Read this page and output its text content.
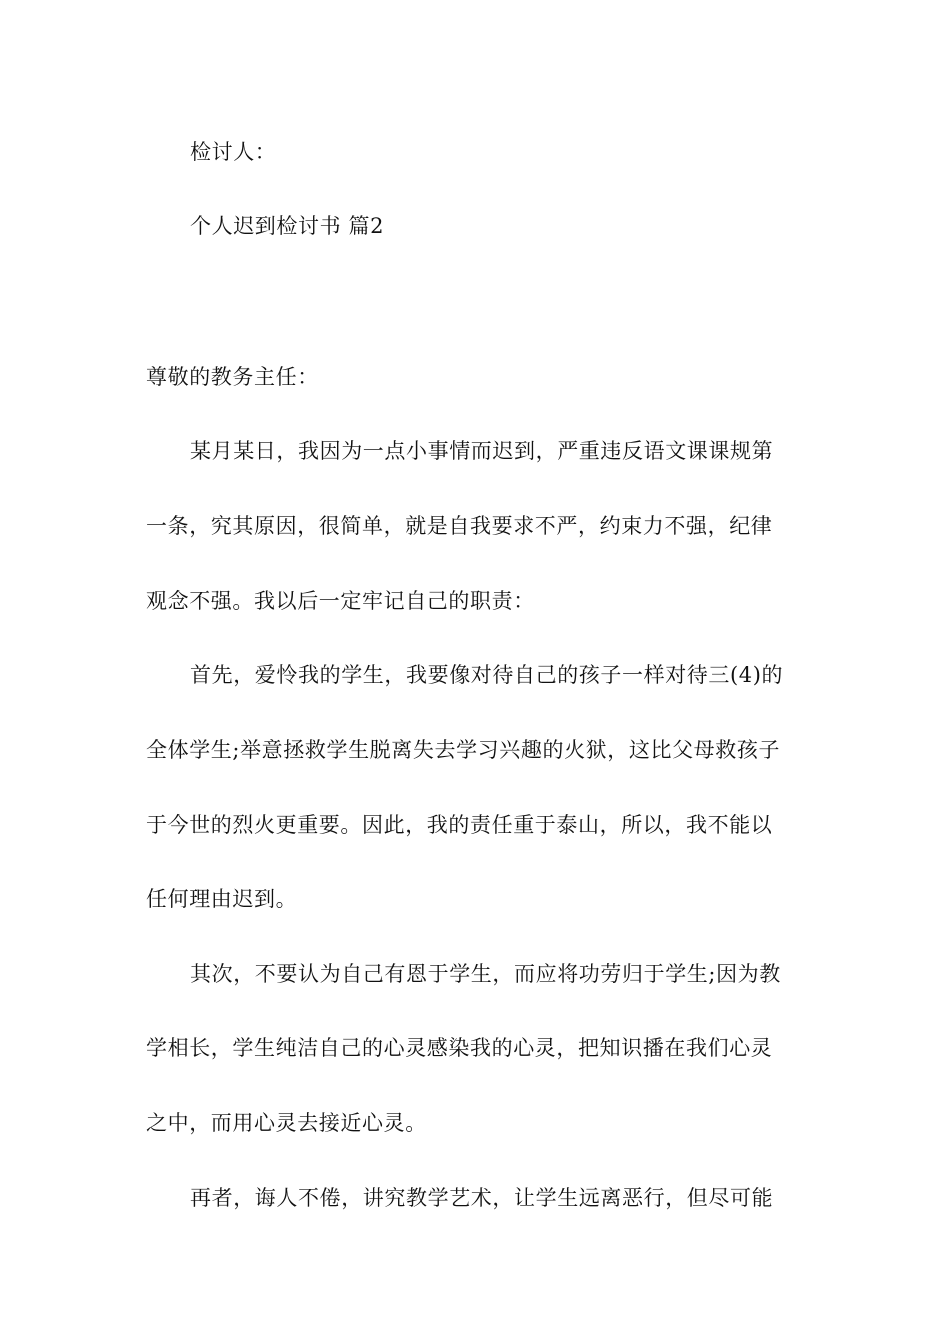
检讨人：
个人迟到检讨书 篇2
尊敬的教务主任：
某月某日，我因为一点小事情而迟到，严重违反语文课课规第
一条，究其原因，很简单，就是自我要求不严，约束力不强，纪律
观念不强。我以后一定牢记自己的职责：
首先，爱怜我的学生，我要像对待自己的孩子一样对待三(4)的
全体学生;举意拯救学生脱离失去学习兴趣的火狱，这比父母救孩子
于今世的烈火更重要。因此，我的责任重于泰山，所以，我不能以
任何理由迟到。
其次，不要认为自己有恩于学生，而应将功劳归于学生;因为教
学相长，学生纯洁自己的心灵感染我的心灵，把知识播在我们心灵
之中，而用心灵去接近心灵。
再者，诲人不倦，讲究教学艺术，让学生远离恶行，但尽可能
